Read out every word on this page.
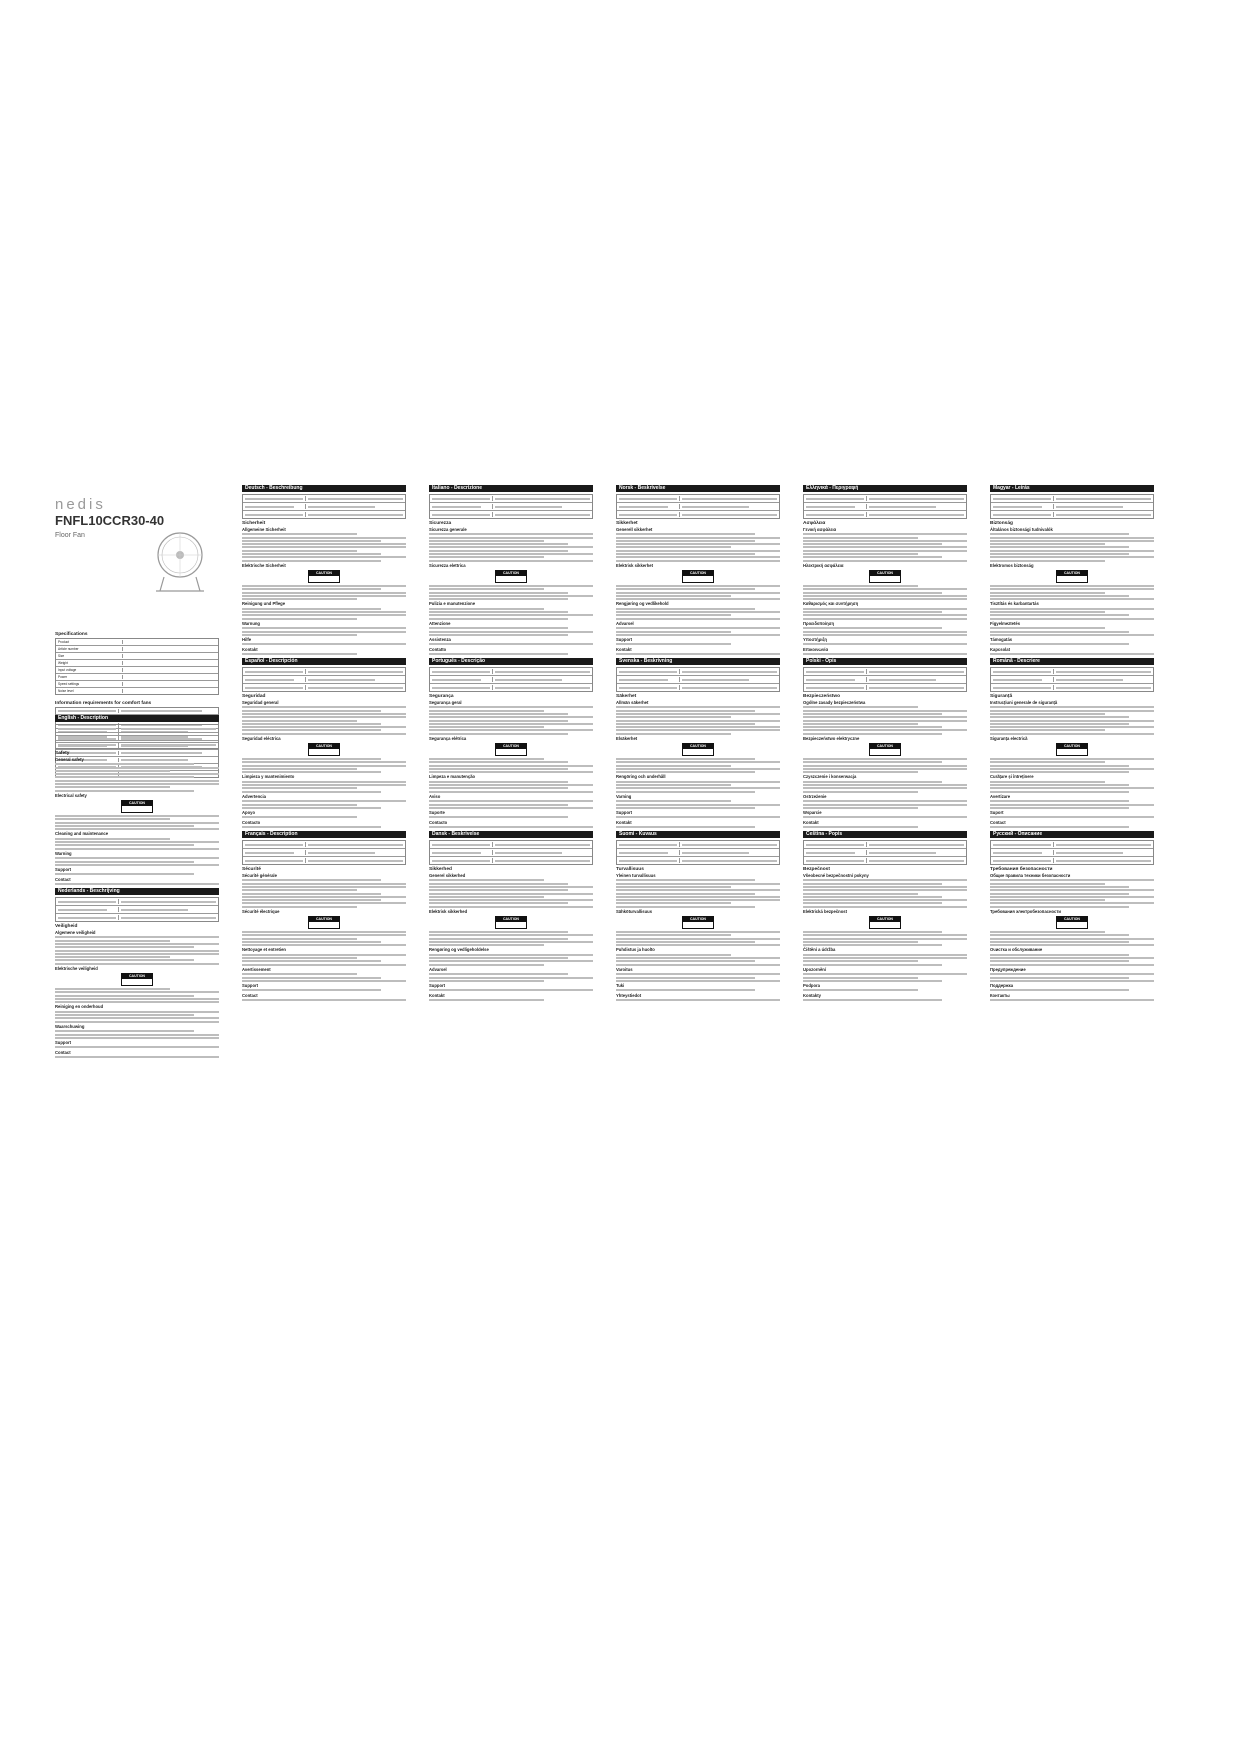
nedis
FNFL10CCR30-40
Floor Fan
Specifications
Product
Article number
Size
Weight
Input voltage
Power
Speed settings
Noise level
Information requirements for comfort fans
English - Description
Safety
General safety
Electrical safety
CAUTION
Cleaning and maintenance
Warning
Support
Contact
Nederlands - Beschrijving
Veiligheid
Algemene veiligheid
Elektrische veiligheid
CAUTION
Reiniging en onderhoud
Waarschuwing
Support
Contact
Deutsch - Beschreibung
Sicherheit
Allgemeine Sicherheit
Elektrische Sicherheit
CAUTION
Reinigung und Pflege
Warnung
Hilfe
Kontakt
Español - Descripción
Seguridad
Seguridad general
Seguridad eléctrica
CAUTION
Limpieza y mantenimiento
Advertencia
Apoyo
Contacto
Français - Description
Sécurité
Sécurité générale
Sécurité électrique
CAUTION
Nettoyage et entretien
Avertissement
Support
Contact
Italiano - Descrizione
Sicurezza
Sicurezza generale
Sicurezza elettrica
CAUTION
Pulizia e manutenzione
Attenzione
Assistenza
Contatto
Português - Descrição
Segurança
Segurança geral
Segurança elétrica
CAUTION
Limpeza e manutenção
Aviso
Suporte
Contacto
Dansk - Beskrivelse
Sikkerhed
Generel sikkerhed
Elektrisk sikkerhed
CAUTION
Rengøring og vedligeholdelse
Advarsel
Support
Kontakt
Norsk - Beskrivelse
Sikkerhet
Generell sikkerhet
Elektrisk sikkerhet
CAUTION
Rengjøring og vedlikehold
Advarsel
Support
Kontakt
Svenska - Beskrivning
Säkerhet
Allmän säkerhet
Elsäkerhet
CAUTION
Rengöring och underhåll
Varning
Support
Kontakt
Suomi - Kuvaus
Turvallisuus
Yleinen turvallisuus
Sähköturvallisuus
CAUTION
Puhdistus ja huolto
Varoitus
Tuki
Yhteystiedot
Ελληνικά - Περιγραφή
Ασφάλεια
Γενική ασφάλεια
Ηλεκτρική ασφάλεια
CAUTION
Καθαρισμός και συντήρηση
Προειδοποίηση
Υποστήριξη
Επικοινωνία
Polski - Opis
Bezpieczeństwo
Ogólne zasady bezpieczeństwa
Bezpieczeństwo elektryczne
CAUTION
Czyszczenie i konserwacja
Ostrzeżenie
Wsparcie
Kontakt
Čeština - Popis
Bezpečnost
Všeobecné bezpečnostní pokyny
Elektrická bezpečnost
CAUTION
Čištění a údržba
Upozornění
Podpora
Kontakty
Magyar - Leírás
Biztonság
Általános biztonsági tudnivalók
Elektromos biztonság
CAUTION
Tisztítás és karbantartás
Figyelmeztetés
Támogatás
Kapcsolat
Română - Descriere
Siguranță
Instrucțiuni generale de siguranță
Siguranța electrică
CAUTION
Curățare și întreținere
Avertizare
Suport
Contact
Русский - Описание
Требования безопасности
Общие правила техники безопасности
Требования электробезопасности
CAUTION
Очистка и обслуживание
Предупреждение
Поддержка
Контакты
